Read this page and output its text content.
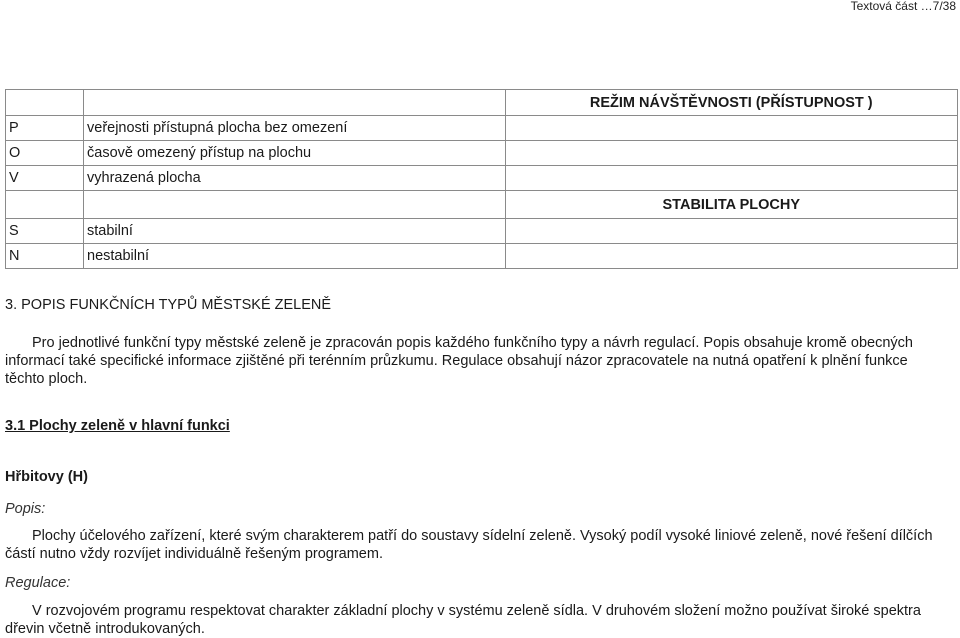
Textová část …7/38
		REŽIM NÁVŠTĚVNOSTI (PŘÍSTUPNOST )
P	veřejnosti přístupná plocha bez omezení	
O	časově omezený přístup na plochu	
V	vyhrazená plocha	
		STABILITA PLOCHY
S	stabilní	
N	nestabilní	
3. POPIS FUNKČNÍCH TYPŮ MĚSTSKÉ ZELENĚ
Pro jednotlivé funkční typy městské zeleně je zpracován popis každého funkčního typy a návrh regulací. Popis obsahuje kromě obecných
informací také specifické informace zjištěné při terénním průzkumu. Regulace obsahují názor zpracovatele na nutná opatření k plnění funkce
těchto ploch.
3.1 Plochy zeleně v hlavní funkci
Hřbitovy (H)
Popis:
Plochy účelového zařízení, které svým charakterem patří do soustavy sídelní zeleně. Vysoký podíl vysoké liniové zeleně, nové řešení dílčích
částí nutno vždy rozvíjet individuálně řešeným programem.
Regulace:
V rozvojovém programu respektovat charakter základní plochy v systému zeleně sídla. V druhovém složení možno používat široké spektra
dřevin včetně introdukovaných.
